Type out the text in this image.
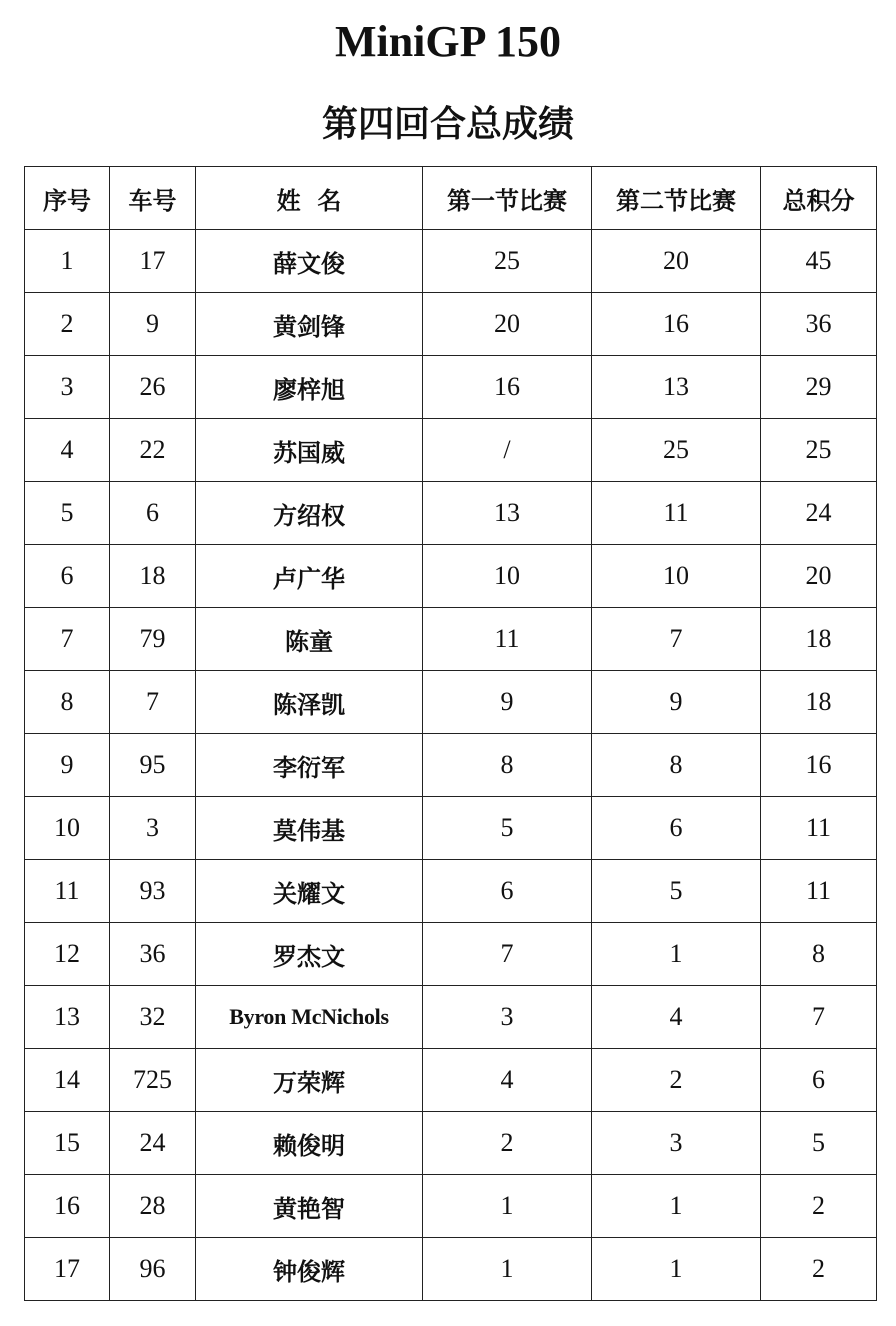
MiniGP 150
第四回合总成绩
序号	车号	姓  名	第一节比赛	第二节比赛	总积分
1	17	薛文俊	25	20	45
2	9	黄剑锋	20	16	36
3	26	廖梓旭	16	13	29
4	22	苏国威	/	25	25
5	6	方绍权	13	11	24
6	18	卢广华	10	10	20
7	79	陈童	11	7	18
8	7	陈泽凯	9	9	18
9	95	李衍军	8	8	16
10	3	莫伟基	5	6	11
11	93	关耀文	6	5	11
12	36	罗杰文	7	1	8
13	32	Byron McNichols	3	4	7
14	725	万荣辉	4	2	6
15	24	赖俊明	2	3	5
16	28	黄艳智	1	1	2
17	96	钟俊辉	1	1	2
